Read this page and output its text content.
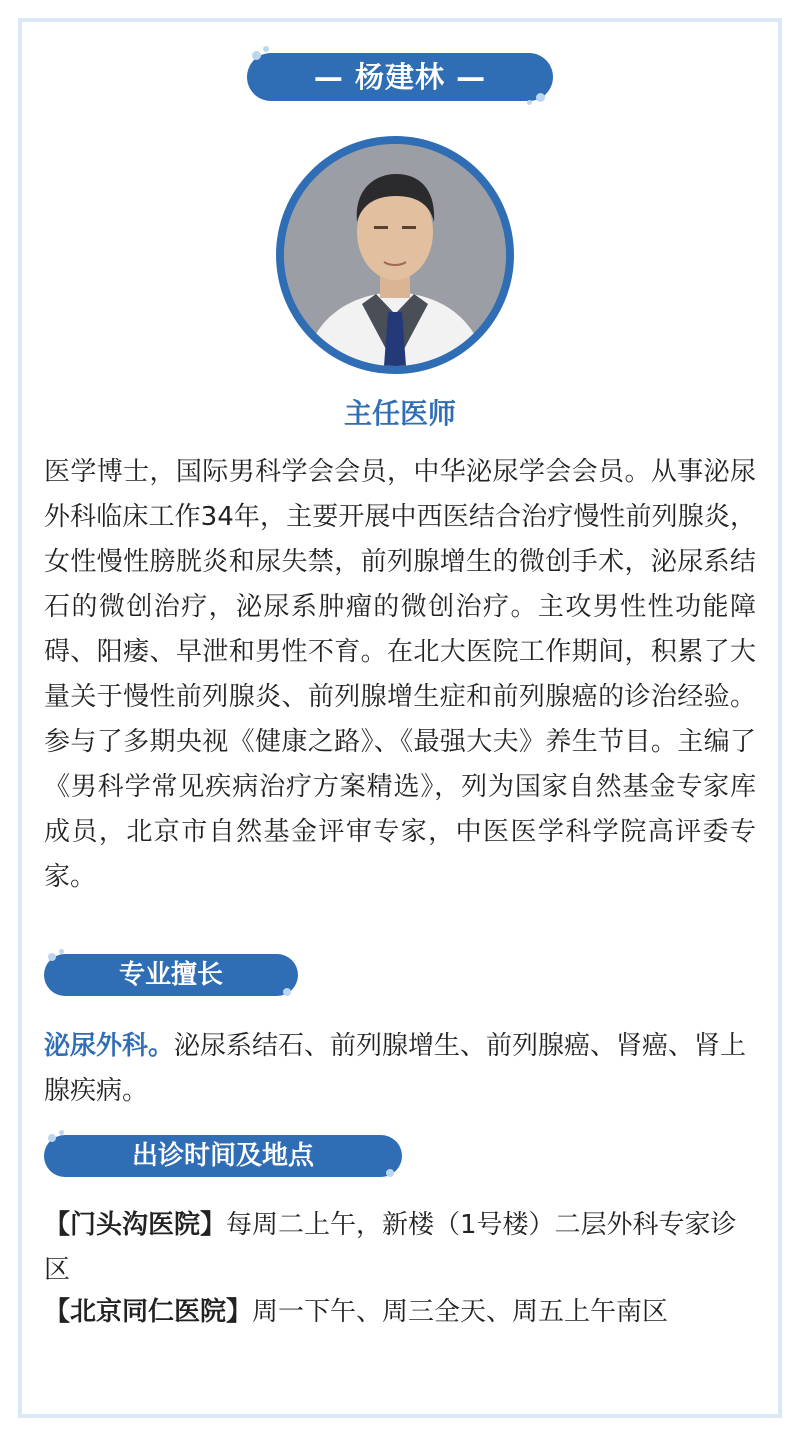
— 杨建林 —
主任医师

医学博士，国际男科学会会员，中华泌尿学会会员。从事泌尿外科临床工作34年，主要开展中西医结合治疗慢性前列腺炎，女性慢性膀胱炎和尿失禁，前列腺增生的微创手术，泌尿系结石的微创治疗，泌尿系肿瘤的微创治疗。主攻男性性功能障碍、阳痿、早泄和男性不育。在北大医院工作期间，积累了大量关于慢性前列腺炎、前列腺增生症和前列腺癌的诊治经验。参与了多期央视《健康之路》、《最强大夫》养生节目。主编了《男科学常见疾病治疗方案精选》，列为国家自然基金专家库成员，北京市自然基金评审专家，中医医学科学院高评委专家。

专业擅长

泌尿外科。泌尿系结石、前列腺增生、前列腺癌、肾癌、肾上腺疾病。

出诊时间及地点

【门头沟医院】每周二上午，新楼（1号楼）二层外科专家诊区

【北京同仁医院】周一下午、周三全天、周五上午南区
